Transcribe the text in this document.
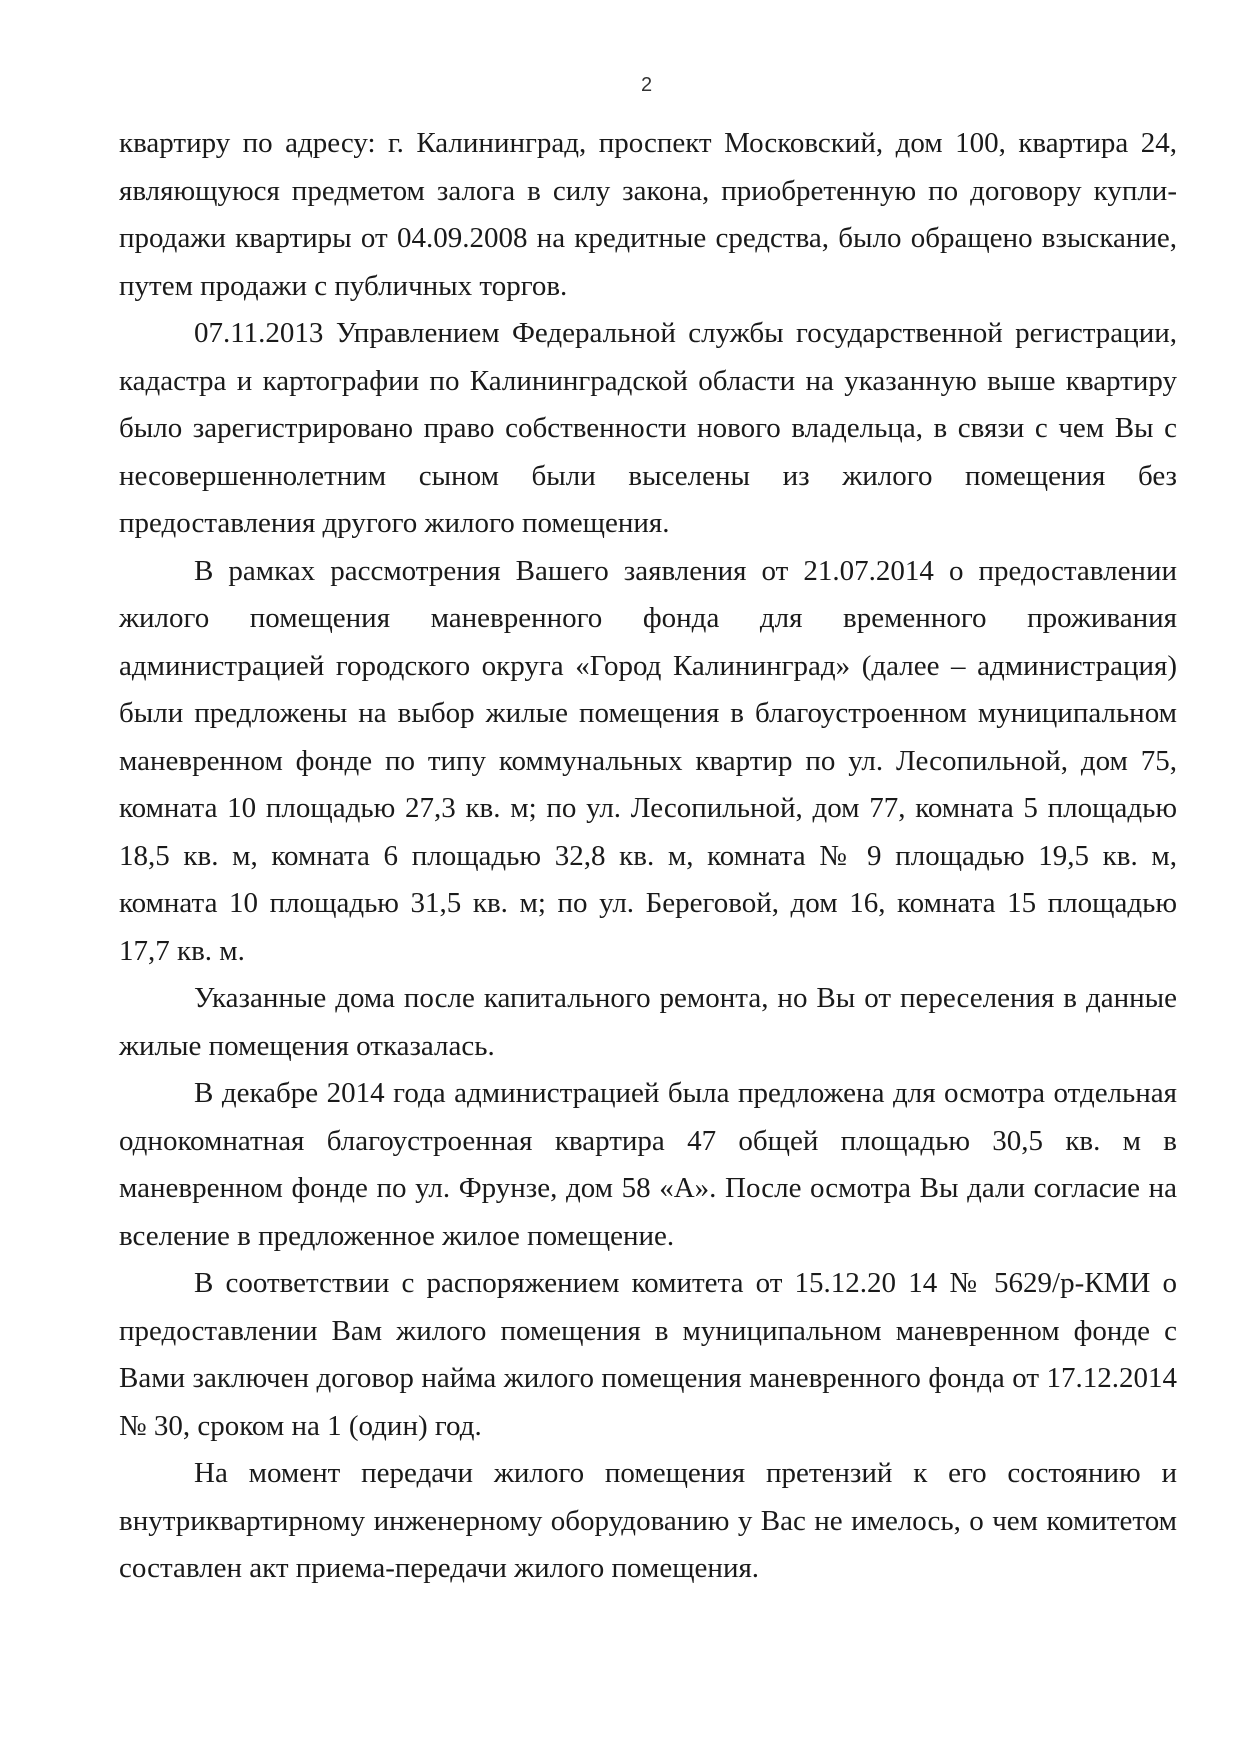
2

квартиру по адресу: г. Калининград, проспект Московский, дом 100, квартира 24, являющуюся предметом залога в силу закона, приобретенную по договору купли-продажи квартиры от 04.09.2008 на кредитные средства, было обращено взыскание, путем продажи с публичных торгов.

07.11.2013 Управлением Федеральной службы государственной регистрации, кадастра и картографии по Калининградской области на указанную выше квартиру было зарегистрировано право собственности нового владельца, в связи с чем Вы с несовершеннолетним сыном были выселены из жилого помещения без предоставления другого жилого помещения.

В рамках рассмотрения Вашего заявления от 21.07.2014 о предоставлении жилого помещения маневренного фонда для временного проживания администрацией городского округа «Город Калининград» (далее – администрация) были предложены на выбор жилые помещения в благоустроенном муниципальном маневренном фонде по типу коммунальных квартир по ул. Лесопильной, дом 75, комната 10 площадью 27,3 кв. м; по ул. Лесопильной, дом 77, комната 5 площадью 18,5 кв. м, комната 6 площадью 32,8 кв. м, комната № 9 площадью 19,5 кв. м, комната 10 площадью 31,5 кв. м; по ул. Береговой, дом 16, комната 15 площадью 17,7 кв. м.

Указанные дома после капитального ремонта, но Вы от переселения в данные жилые помещения отказалась.

В декабре 2014 года администрацией была предложена для осмотра отдельная однокомнатная благоустроенная квартира 47 общей площадью 30,5 кв. м в маневренном фонде по ул. Фрунзе, дом 58 «А». После осмотра Вы дали согласие на вселение в предложенное жилое помещение.

В соответствии с распоряжением комитета от 15.12.20 14 № 5629/р-КМИ о предоставлении Вам жилого помещения в муниципальном маневренном фонде с Вами заключен договор найма жилого помещения маневренного фонда от 17.12.2014 № 30, сроком на 1 (один) год.

На момент передачи жилого помещения претензий к его состоянию и внутриквартирному инженерному оборудованию у Вас не имелось, о чем комитетом составлен акт приема-передачи жилого помещения.
